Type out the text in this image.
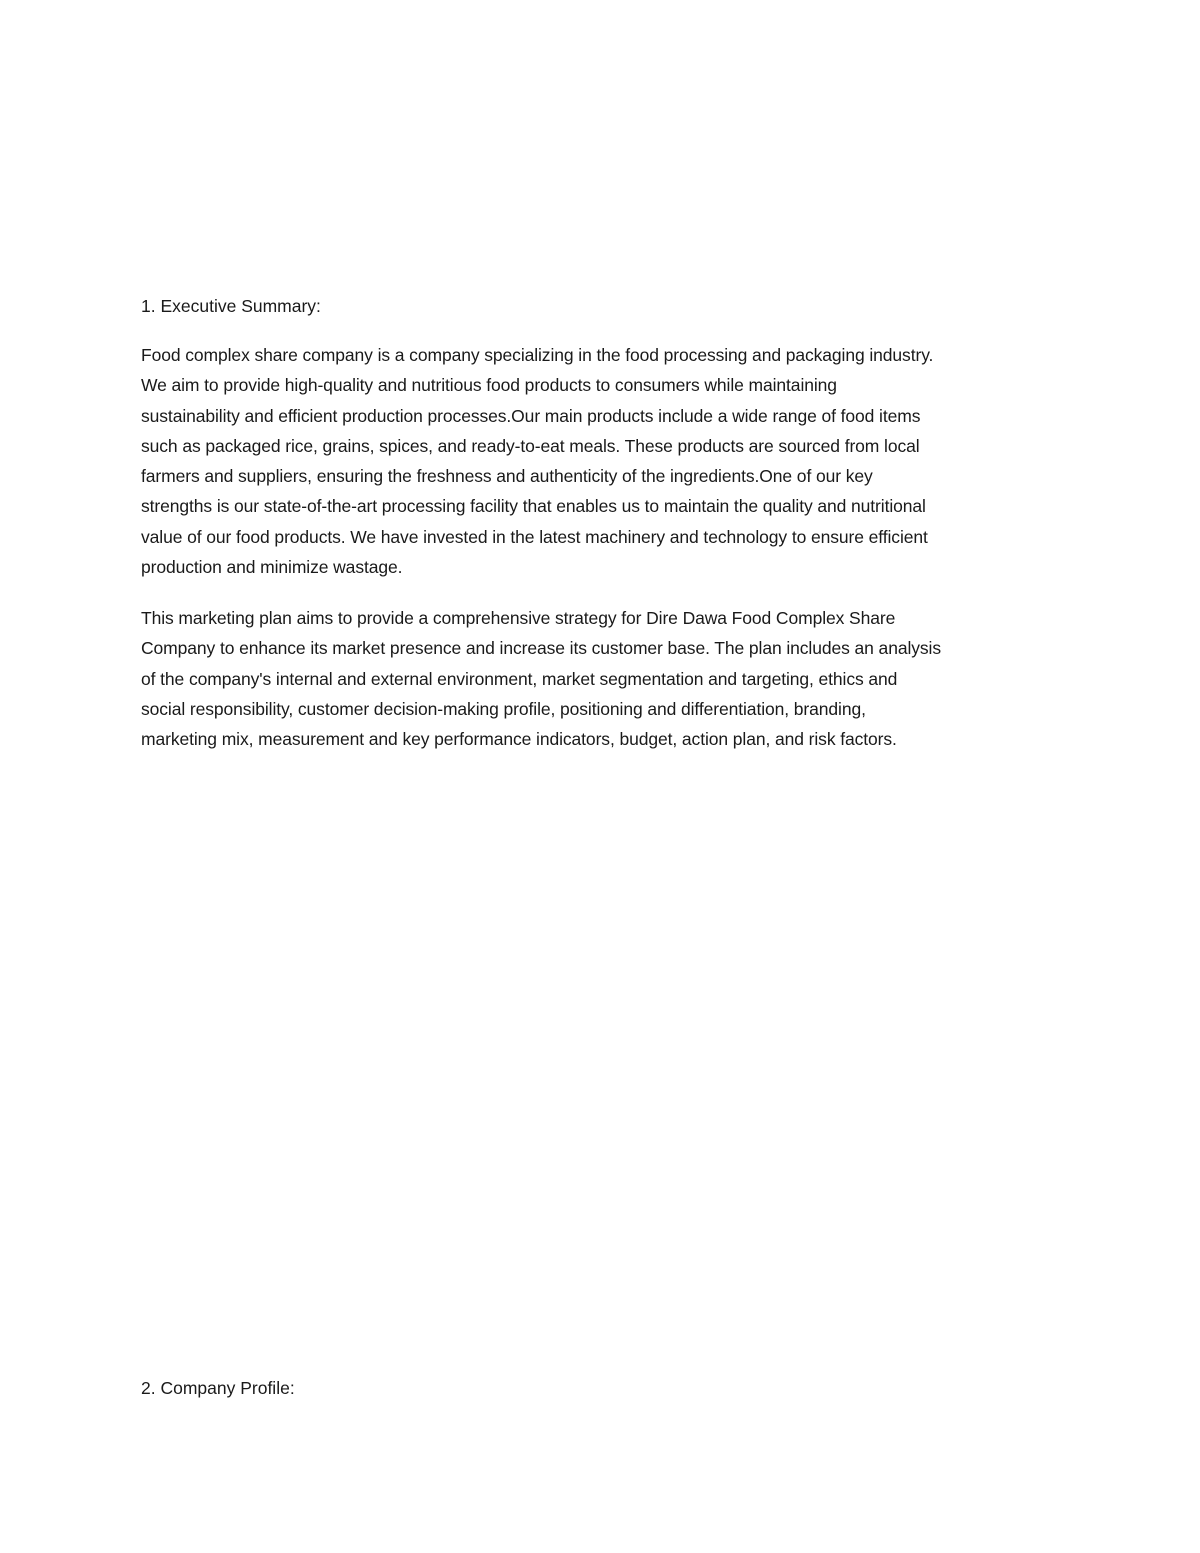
1. Executive Summary:
Food complex share company is a company specializing in the food processing and packaging industry.
We aim to provide high-quality and nutritious food products to consumers while maintaining
sustainability and efficient production processes.Our main products include a wide range of food items
such as packaged rice, grains, spices, and ready-to-eat meals. These products are sourced from local
farmers and suppliers, ensuring the freshness and authenticity of the ingredients.One of our key
strengths is our state-of-the-art processing facility that enables us to maintain the quality and nutritional
value of our food products. We have invested in the latest machinery and technology to ensure efficient
production and minimize wastage.
This marketing plan aims to provide a comprehensive strategy for Dire Dawa Food Complex Share
Company to enhance its market presence and increase its customer base. The plan includes an analysis
of the company's internal and external environment, market segmentation and targeting, ethics and
social responsibility, customer decision-making profile, positioning and differentiation, branding,
marketing mix, measurement and key performance indicators, budget, action plan, and risk factors.
2. Company Profile:
